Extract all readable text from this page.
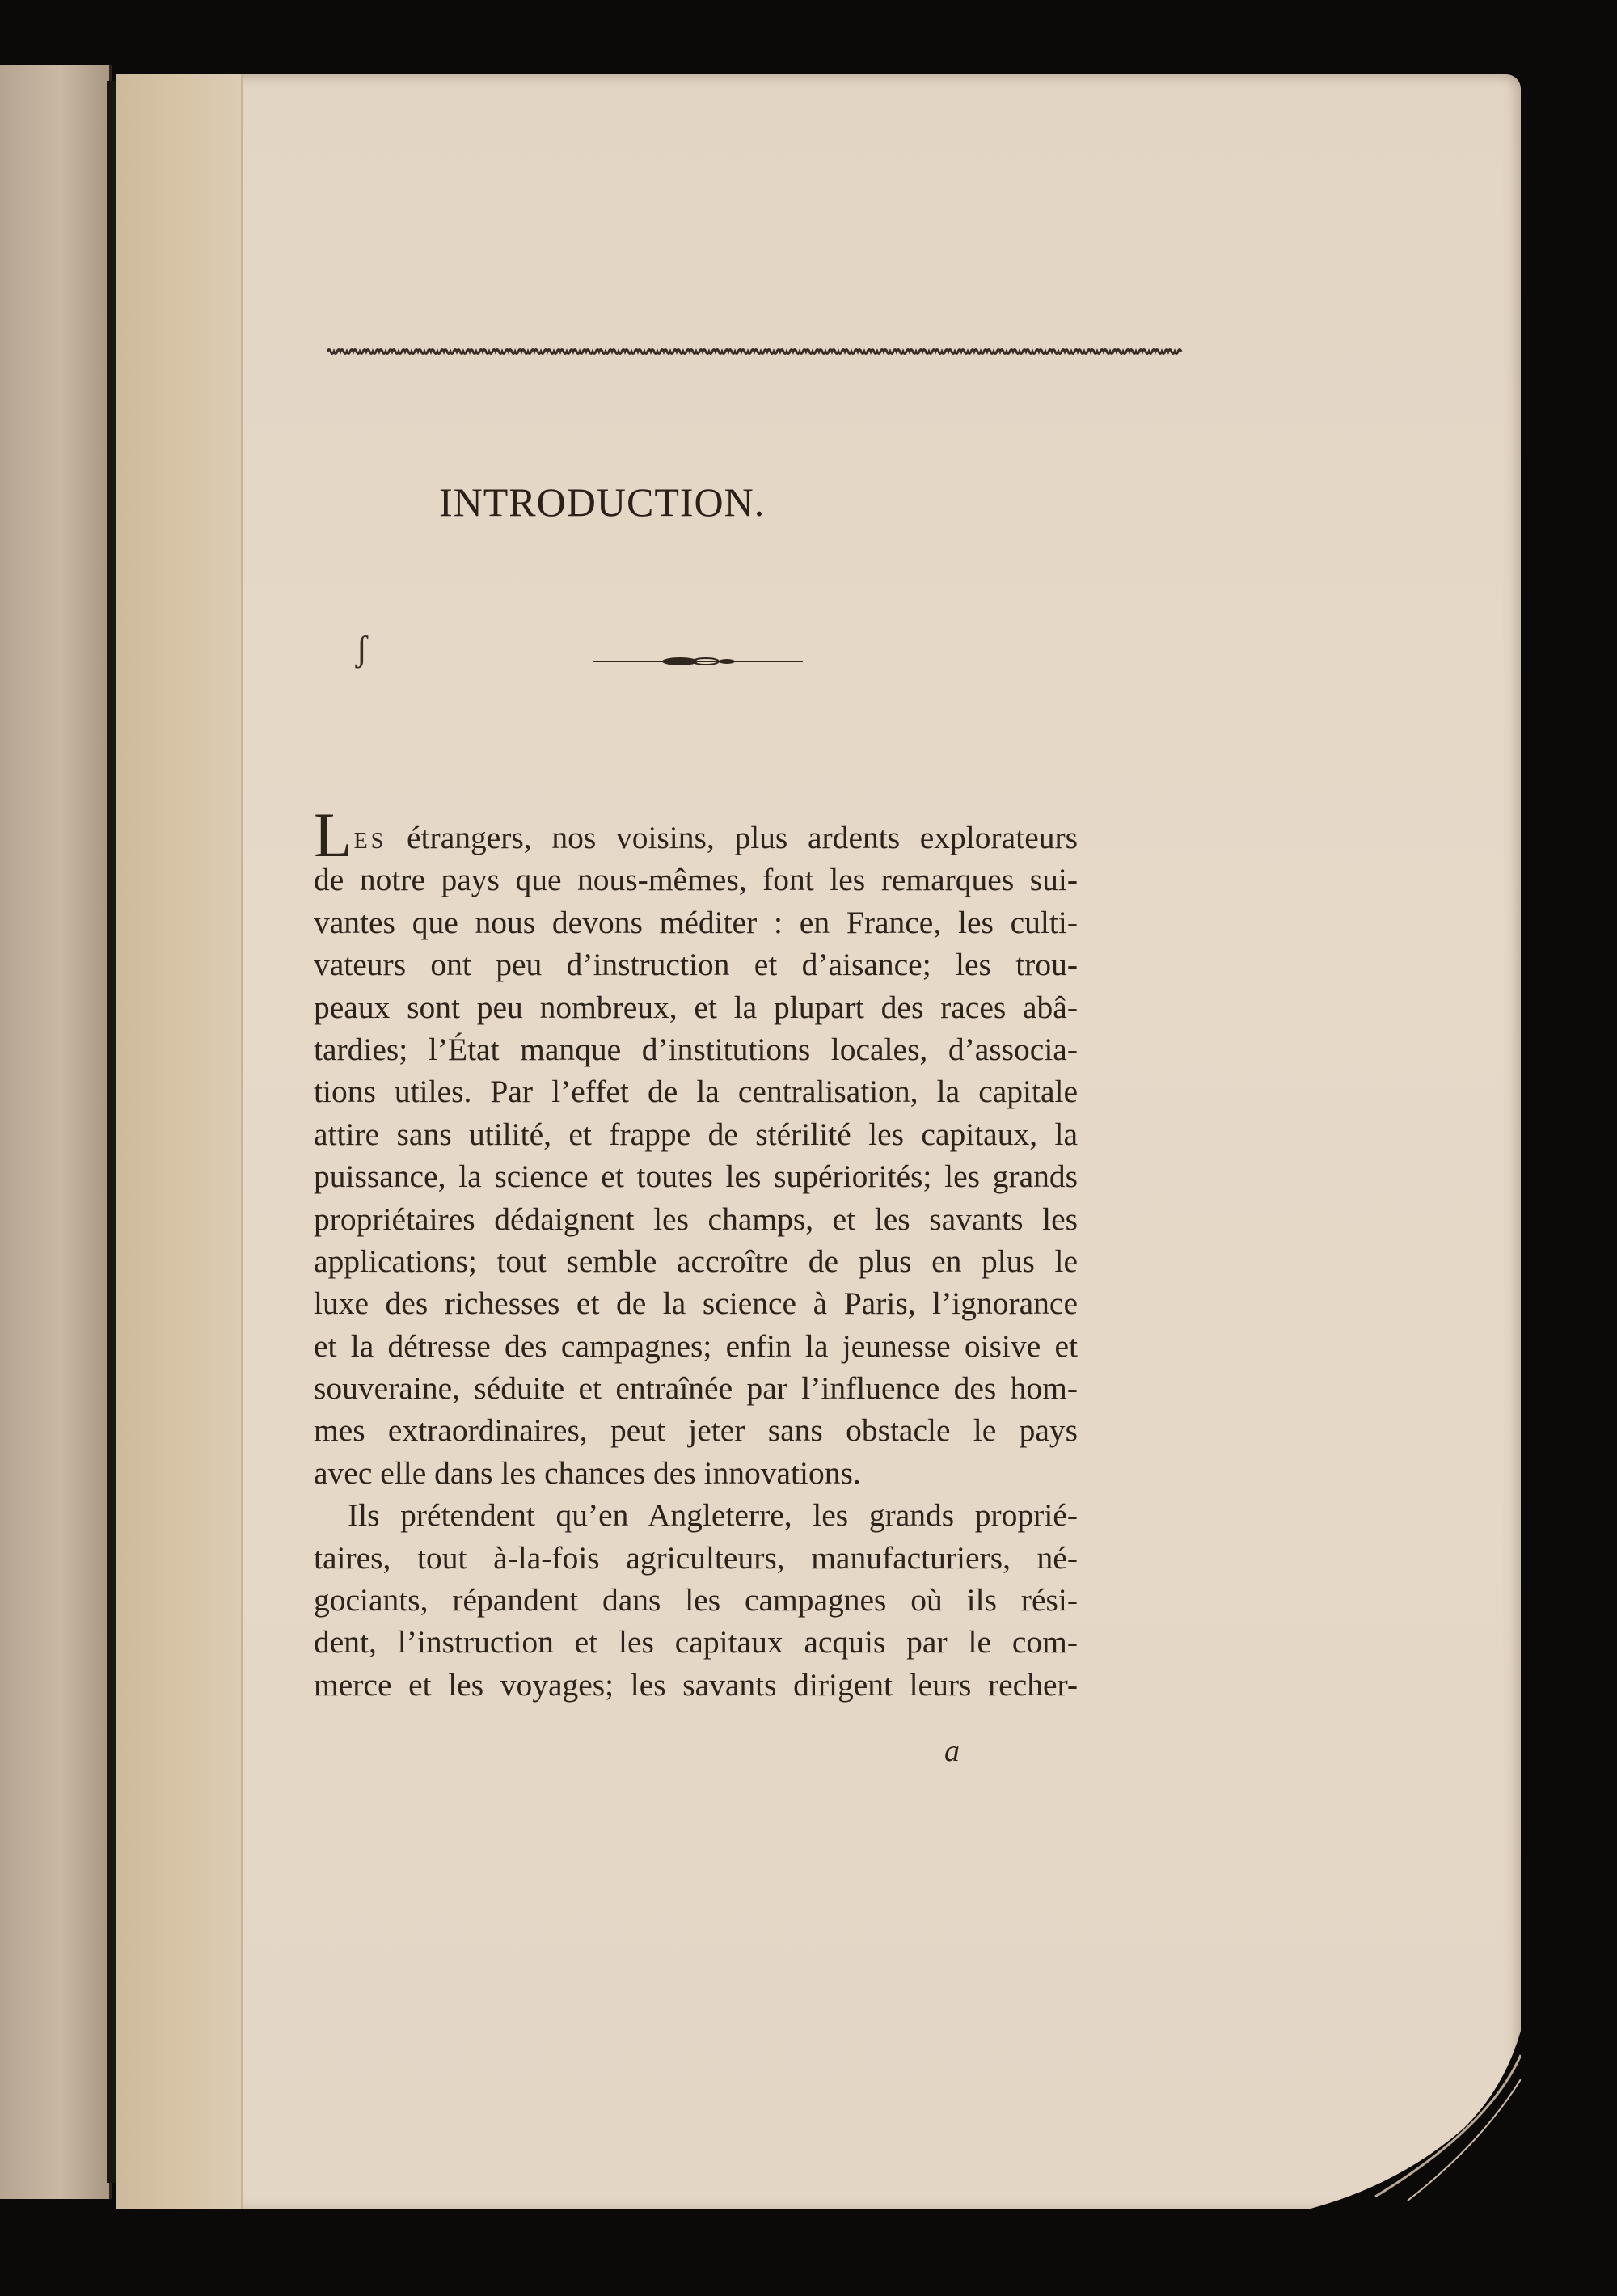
INTRODUCTION.
ʃ
LES étrangers, nos voisins, plus ardents explorateurs
de notre pays que nous-mêmes, font les remarques sui-
vantes que nous devons méditer : en France, les culti-
vateurs ont peu d’instruction et d’aisance; les trou-
peaux sont peu nombreux, et la plupart des races abâ-
tardies; l’État manque d’institutions locales, d’associa-
tions utiles. Par l’effet de la centralisation, la capitale
attire sans utilité, et frappe de stérilité les capitaux, la
puissance, la science et toutes les supériorités; les grands
propriétaires dédaignent les champs, et les savants les
applications; tout semble accroître de plus en plus le
luxe des richesses et de la science à Paris, l’ignorance
et la détresse des campagnes; enfin la jeunesse oisive et
souveraine, séduite et entraînée par l’influence des hom-
mes extraordinaires, peut jeter sans obstacle le pays
avec elle dans les chances des innovations.
Ils prétendent qu’en Angleterre, les grands proprié-
taires, tout à-la-fois agriculteurs, manufacturiers, né-
gociants, répandent dans les campagnes où ils rési-
dent, l’instruction et les capitaux acquis par le com-
merce et les voyages; les savants dirigent leurs recher-
a
